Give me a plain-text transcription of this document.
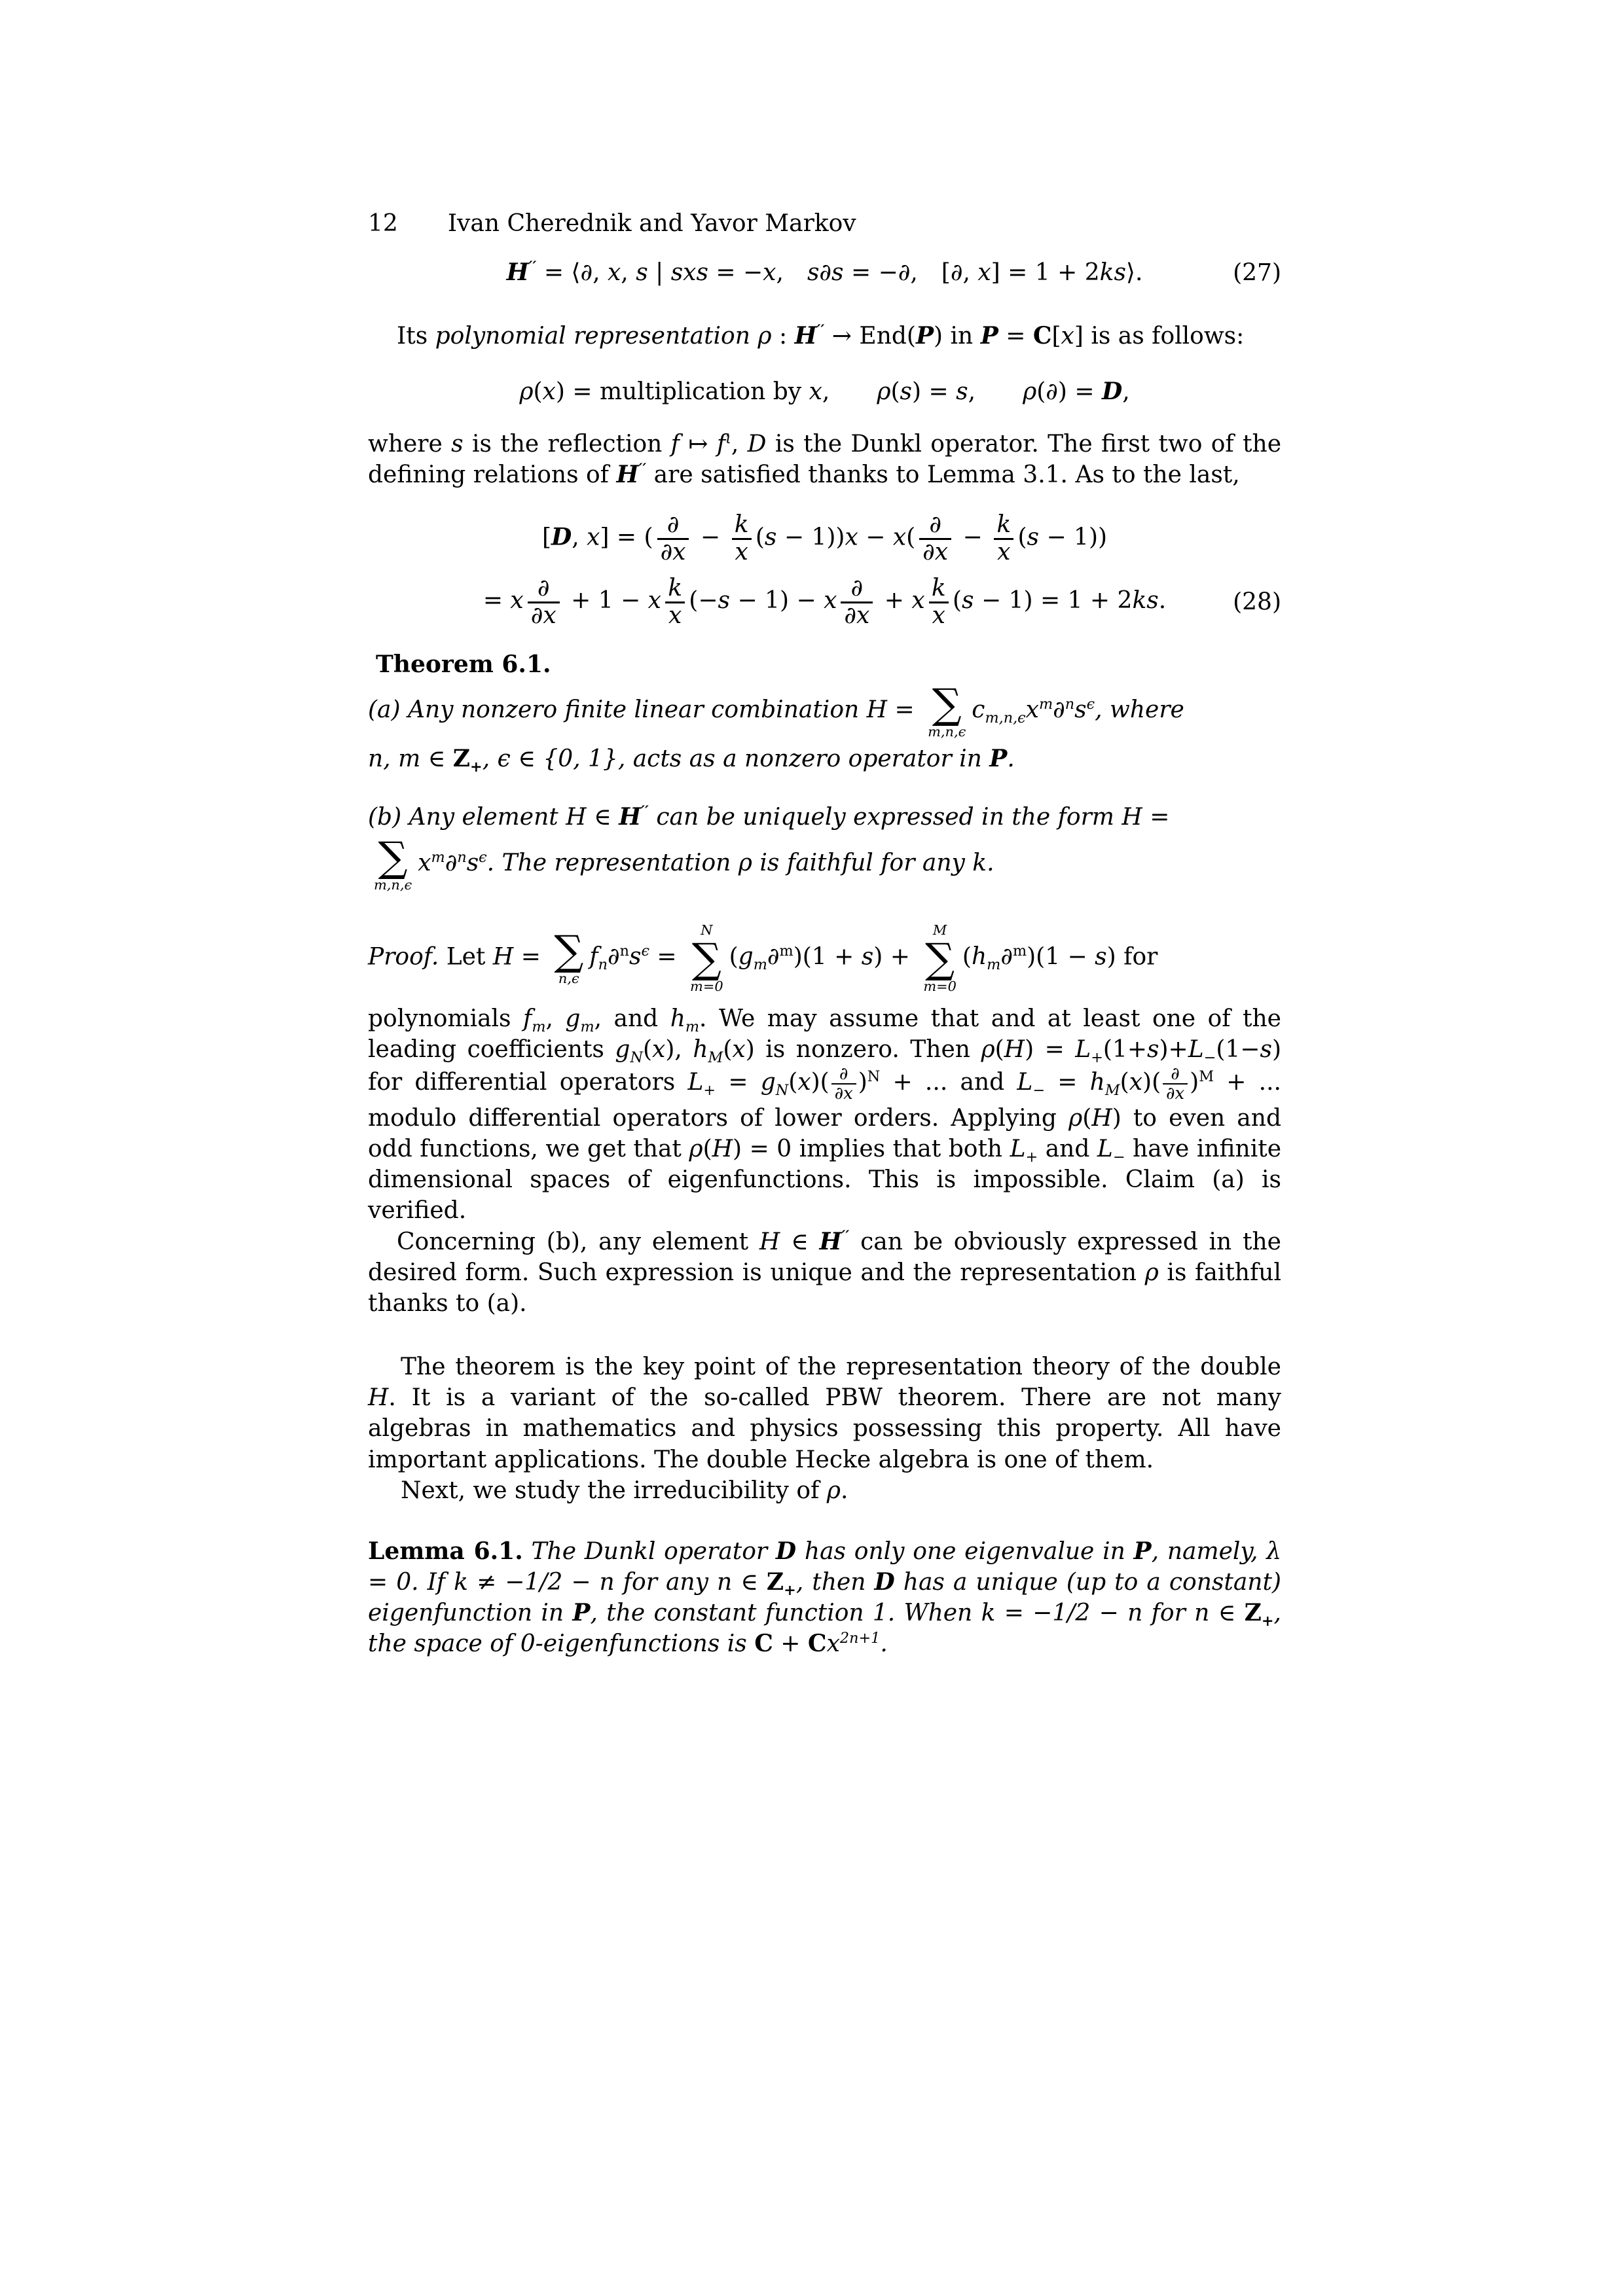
12 Ivan Cherednik and Yavor Markov
H′′ = ⟨∂, x, s | sxs = −x, s∂s = −∂, [∂, x] = 1 + 2ks⟩.	(27)

Its polynomial representation ρ : H′′ → End(P) in P = C[x] is as follows:

ρ(x) = multiplication by x, ρ(s) = s, ρ(∂) = D,

where s is the reflection f ↦ $f^\iota$, D is the Dunkl operator. The first two of the defining relations of H′′ are satisfied thanks to Lemma 3.1. As to the last,

[D, x] = ( $\frac{\partial}{\partial x} - \frac{k}{x} (s - 1))x - x( \frac{\partial}{\partial x} - \frac{k}{x} (s - 1))$
= x $\frac{\partial}{\partial x} + 1 - x \frac{k}{x} (-s - 1) - x \frac{\partial}{\partial x} + x \frac{k}{x} (s - 1) = 1 + 2ks$.	(28)

Theorem 6.1.

(a) Any nonzero finite linear combination H = ∑
m,n,ϵ
$c_{m,n,\epsilon}x^m\partial^ns^\epsilon$, where

n, m ∈ $Z_+$, ϵ ∈ {0, 1}, acts as a nonzero operator in P.

(b) Any element H ∈ H′′ can be uniquely expressed in the form H =

∑
m,n,ϵ
$x^m\partial^ns^\epsilon$. The representation ρ is faithful for any k.

Proof. Let H = ∑
n,ϵ
$f_n\partial^ns^\epsilon$ =
N
∑
m=0
$(g_m\partial^m)(1 + s)$ +
M
∑
m=0
$(h_m\partial^m)(1 - s)$ for

polynomials $f_m$, $g_m$, and $h_m$. We may assume that and at least one of the leading coefficients $g_N(x)$, $h_M(x)$ is nonzero. Then $\rho(H) = L_+(1+s)+L_-(1-s)$ for differential operators $L_+ = g_N(x)( \frac{\partial}{\partial x} )^N$ + ... and $L_- = h_M(x)( \frac{\partial}{\partial x} )^M$ + ... modulo differential operators of lower orders. Applying ρ(H) to even and odd functions, we get that ρ(H) = 0 implies that both $L_+$ and $L_-$ have infinite dimensional spaces of eigenfunctions. This is impossible. Claim (a) is verified.

Concerning (b), any element H ∈ H′′ can be obviously expressed in the desired form. Such expression is unique and the representation ρ is faithful thanks to (a).

The theorem is the key point of the representation theory of the double H. It is a variant of the so-called PBW theorem. There are not many algebras in mathematics and physics possessing this property. All have important applications. The double Hecke algebra is one of them.

Next, we study the irreducibility of ρ.

Lemma 6.1. The Dunkl operator D has only one eigenvalue in P, namely, λ = 0. If k ≠ −1/2 − n for any n ∈ $Z_+$, then D has a unique (up to a constant) eigenfunction in P, the constant function 1. When k = −1/2 − n for n ∈ $Z_+$, the space of 0-eigenfunctions is $C + Cx^{2n+1}$.
